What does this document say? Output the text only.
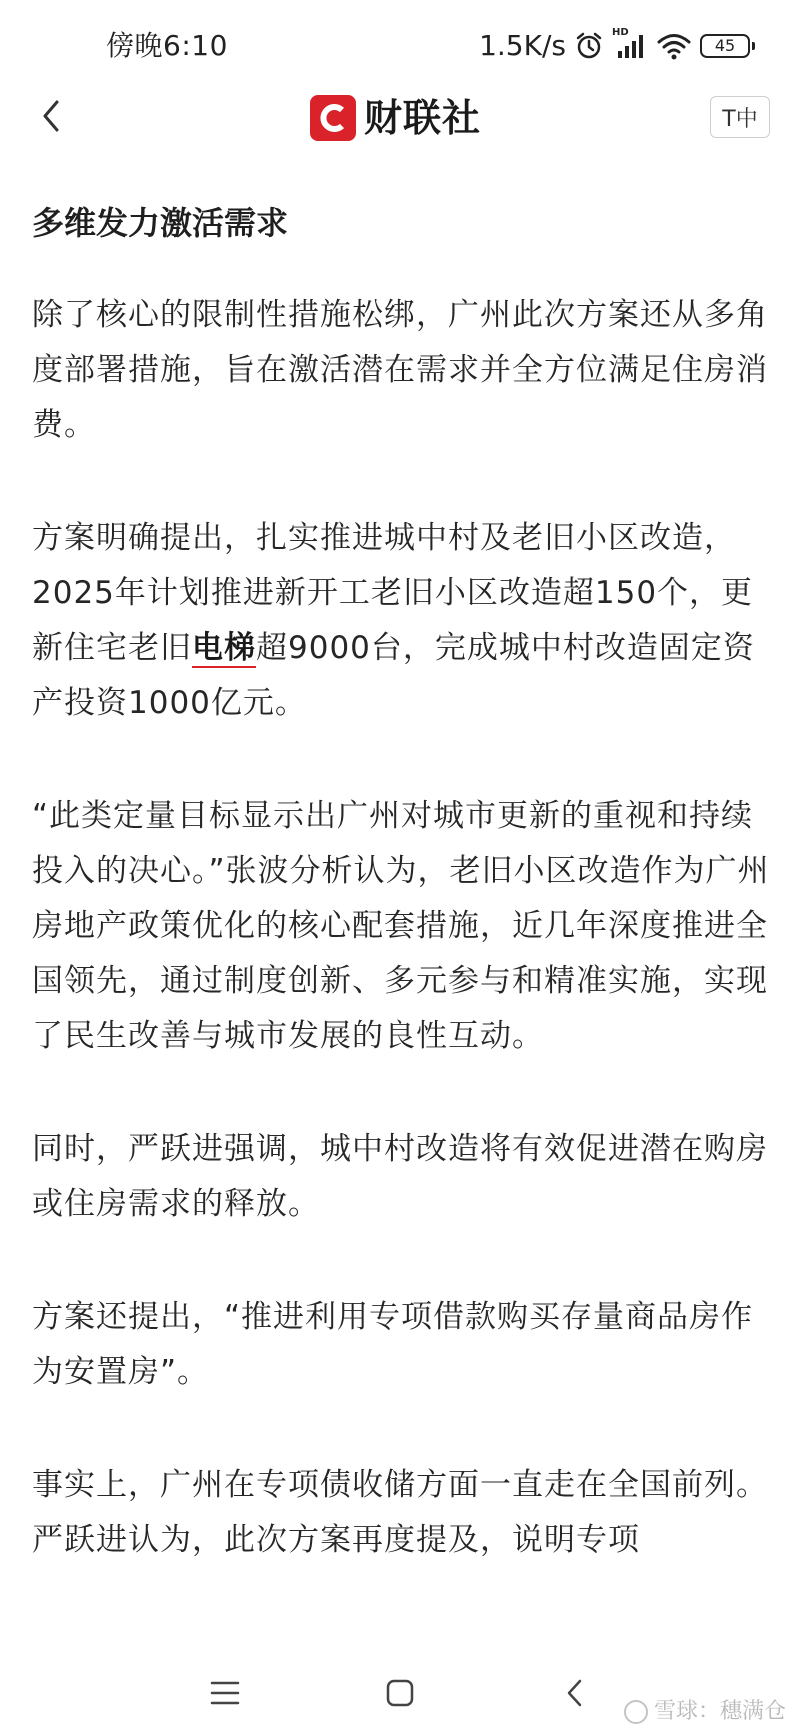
傍晚6:10	1.5K/s	HD
45
财联社	T中
多维发力激活需求

除了核心的限制性措施松绑，广州此次方案还从多角度部署措施，旨在激活潜在需求并全方位满足住房消费。

方案明确提出，扎实推进城中村及老旧小区改造，2025年计划推进新开工老旧小区改造超150个，更新住宅老旧电梯超9000台，完成城中村改造固定资产投资1000亿元。

“此类定量目标显示出广州对城市更新的重视和持续投入的决心。”张波分析认为，老旧小区改造作为广州房地产政策优化的核心配套措施，近几年深度推进全国领先，通过制度创新、多元参与和精准实施，实现了民生改善与城市发展的良性互动。

同时，严跃进强调，城中村改造将有效促进潜在购房或住房需求的释放。

方案还提出，“推进利用专项借款购买存量商品房作为安置房”。

事实上，广州在专项债收储方面一直走在全国前列。严跃进认为，此次方案再度提及，说明专项

雪球：穗满仓
